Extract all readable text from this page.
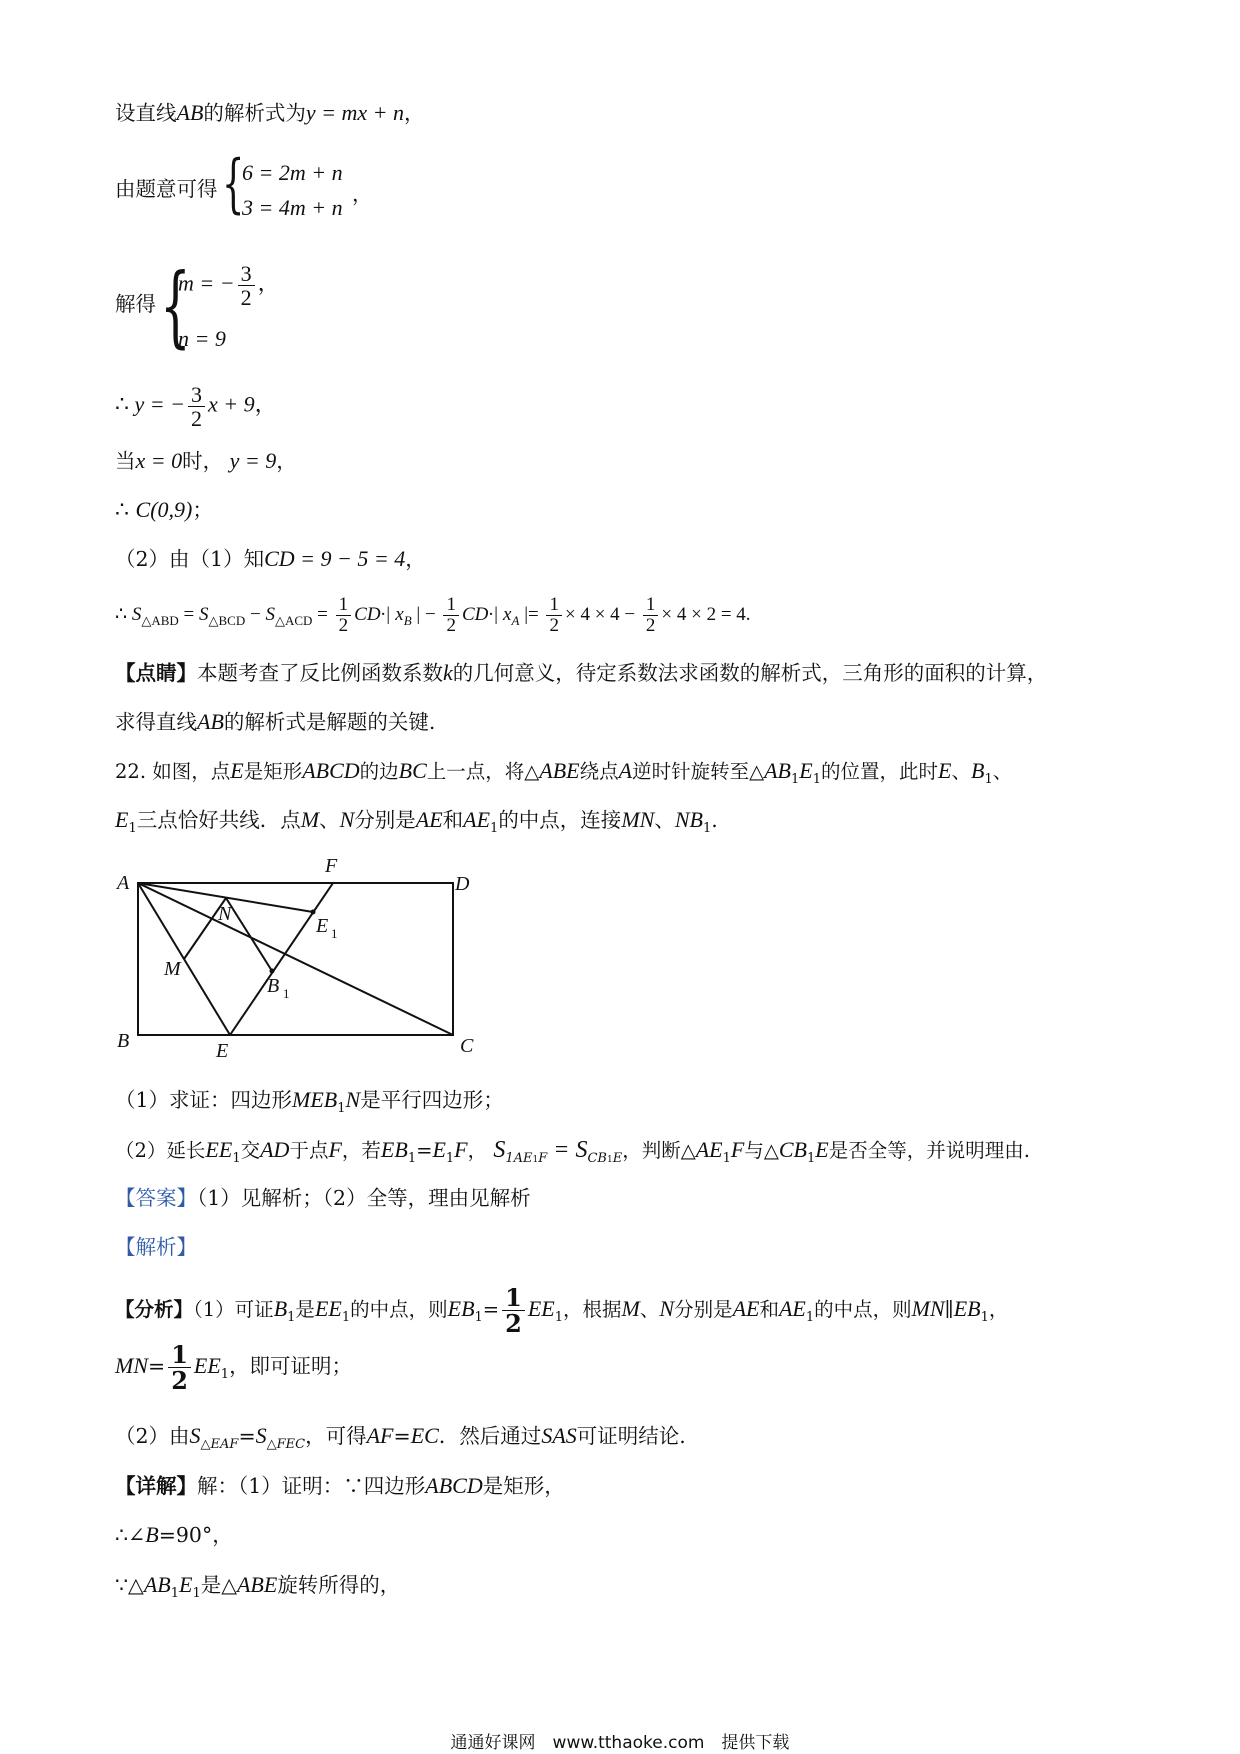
设直线AB的解析式为y = mx + n，
由题意可得 {
6 = 2m + n
3 = 4m + n
，
解得 {
m = − $\frac{3}{2}$ ，
n = 9
∴ y = − $\frac{3}{2}$ x + 9，
当x = 0时， y = 9，
∴ C(0,9)；
（2）由（1）知CD = 9 − 5 = 4，
∴ $S_{\triangle ABD} = S_{\triangle BCD} - S_{\triangle ACD} = \frac{1}{2} CD\cdot|$ $x_B$ | − $\frac{1}{2} CD\cdot|$ $x_A$ |= $\frac{1}{2} \times 4 \times 4 - \frac{1}{2} \times 4 \times 2 = 4$.
【点睛】本题考查了反比例函数系数k的几何意义，待定系数法求函数的解析式，三角形的面积的计算，
求得直线AB的解析式是解题的关键.
22. 如图，点E是矩形ABCD的边BC上一点，将△ABE绕点A逆时针旋转至$\triangle AB_1E_1$的位置，此时E、$B_1$、
$E_1$三点恰好共线．点M、N分别是AE和$AE_1$的中点，连接MN、$NB_1$.
A
B	C
D
E
F
M
N
E 1
B 1
（1）求证：四边形$MEB_1N$是平行四边形；
（2）延长$EE_1$交AD于点F，若$EB_1=E_1F$， $S_{1AE1F} = S_{CB1E}$，判断$\triangle AE_1F$与$\triangle CB_1E$是否全等，并说明理由.
【答案】（1）见解析；（2）全等，理由见解析
【解析】
【分析】（1）可证$B_1$是$EE_1$的中点，则$EB_1= \frac{1}{2} EE_1$，根据M、N分别是AE和$AE_1$的中点，则$MN\parallel EB_1$，
$MN= \frac{1}{2} EE_1$，即可证明；
（2）由$S_{\triangle EAF}=S_{\triangle FEC}$，可得AF=EC．然后通过SAS可证明结论.
【详解】解：（1）证明：∵四边形ABCD是矩形，
∴∠B=90°，
$\because\triangle AB_1E_1$是△ABE旋转所得的，
通通好课网　www.tthaoke.com　提供下载
